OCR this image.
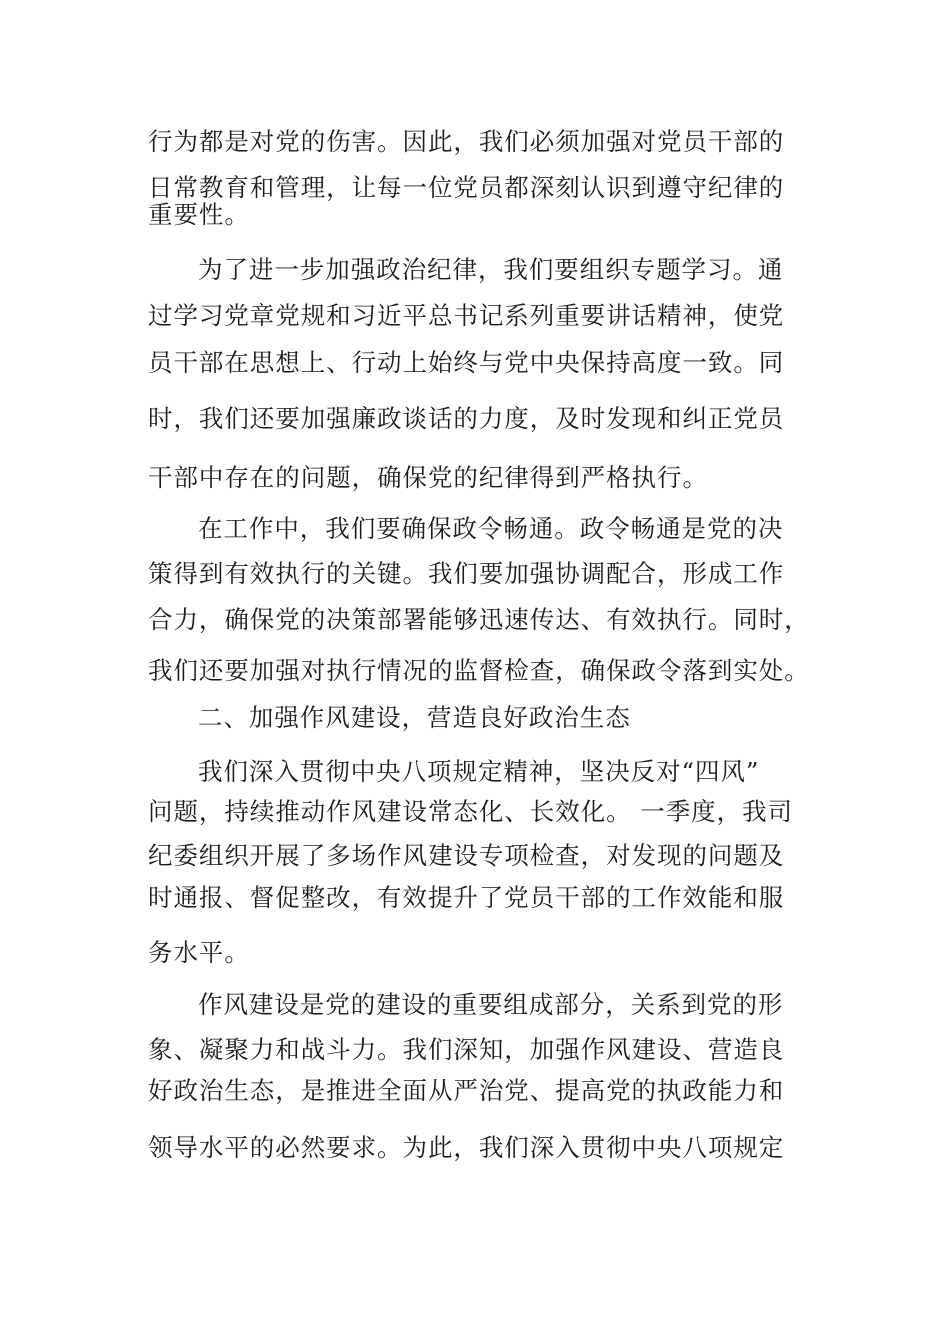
行为都是对党的伤害。因此，我们必须加强对党员干部的
日常教育和管理，让每一位党员都深刻认识到遵守纪律的
重要性。
为了进一步加强政治纪律，我们要组织专题学习。通
过学习党章党规和习近平总书记系列重要讲话精神，使党
员干部在思想上、行动上始终与党中央保持高度一致。同
时，我们还要加强廉政谈话的力度，及时发现和纠正党员
干部中存在的问题，确保党的纪律得到严格执行。
在工作中，我们要确保政令畅通。政令畅通是党的决
策得到有效执行的关键。我们要加强协调配合，形成工作
合力，确保党的决策部署能够迅速传达、有效执行。同时，
我们还要加强对执行情况的监督检查，确保政令落到实处。
二、加强作风建设，营造良好政治生态
我们深入贯彻中央八项规定精神，坚决反对“四风”
问题，持续推动作风建设常态化、长效化。 一季度，我司
纪委组织开展了多场作风建设专项检查，对发现的问题及
时通报、督促整改，有效提升了党员干部的工作效能和服
务水平。
作风建设是党的建设的重要组成部分，关系到党的形
象、凝聚力和战斗力。我们深知，加强作风建设、营造良
好政治生态，是推进全面从严治党、提高党的执政能力和
领导水平的必然要求。为此，我们深入贯彻中央八项规定
